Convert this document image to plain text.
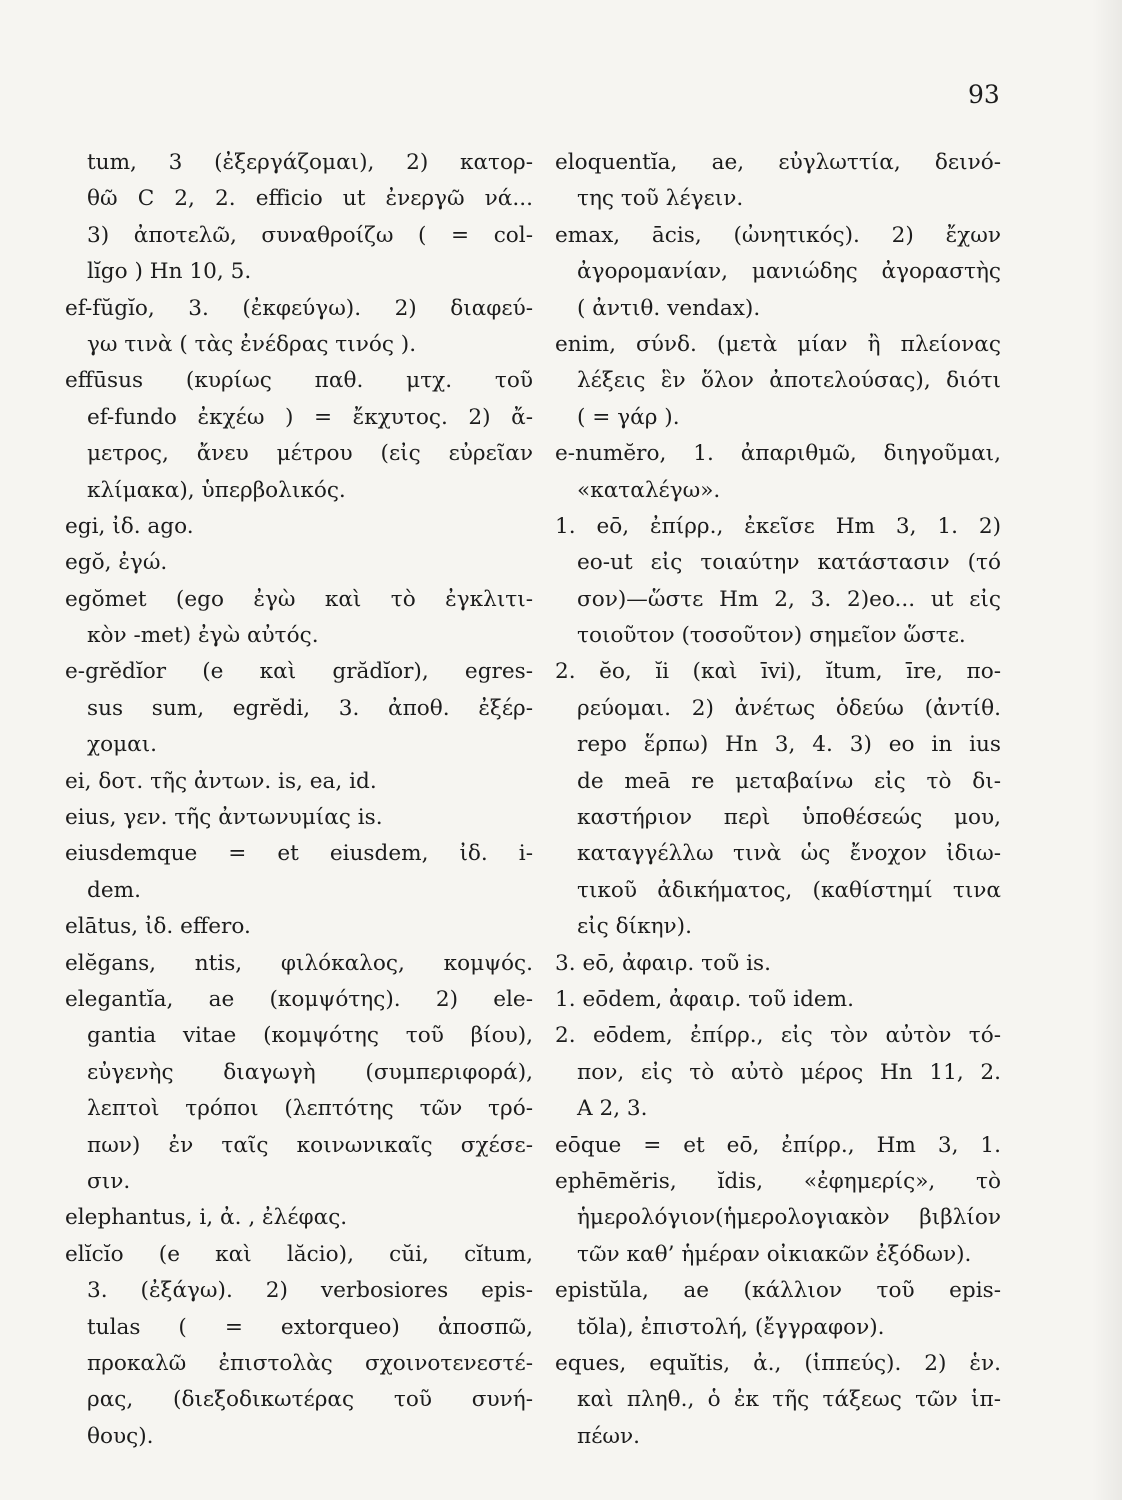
93
tum, 3 (ἐξεργάζομαι), 2) κατορ-
θῶ C 2, 2. efficio ut ἐνεργῶ νά...
3) ἀποτελῶ, συναθροίζω ( = col-
lĭgo ) Hn 10, 5.
ef-fŭgĭo, 3. (ἐκφεύγω). 2) διαφεύ-
γω τινὰ ( τὰς ἐνέδρας τινός ).
effūsus (κυρίως παθ. μτχ. τοῦ
ef-fundo ἐκχέω ) = ἔκχυτος. 2) ἄ-
μετρος, ἄνευ μέτρου (εἰς εὐρεῖαν
κλίμακα), ὑπερβολικός.
egi, ἰδ. ago.
egŏ, ἐγώ.
egŏmet (ego ἐγὼ καὶ τὸ ἐγκλιτι-
κὸν -met) ἐγὼ αὐτός.
e-grĕdĭor (e καὶ grădĭor), egres-
sus sum, egrĕdi, 3. ἀποθ. ἐξέρ-
χομαι.
ei, δοτ. τῆς ἀντων. is, ea, id.
eius, γεν. τῆς ἀντωνυμίας is.
eiusdemque = et eiusdem, ἰδ. i-
dem.
elātus, ἰδ. effero.
elĕgans, ntis, φιλόκαλος, κομψός.
elegantĭa, ae (κομψότης). 2) ele-
gantia vitae (κομψότης τοῦ βίου),
εὐγενὴς διαγωγὴ (συμπεριφορά),
λεπτοὶ τρόποι (λεπτότης τῶν τρό-
πων) ἐν ταῖς κοινωνικαῖς σχέσε-
σιν.
elephantus, i, ἀ. , ἐλέφας.
elĭcĭo (e καὶ lăcio), cŭi, cĭtum,
3. (ἐξάγω). 2) verbosiores epis-
tulas ( = extorqueo) ἀποσπῶ,
προκαλῶ ἐπιστολὰς σχοινοτενεστέ-
ρας, (διεξοδικωτέρας τοῦ συνή-
θους).
eloquentĭa, ae, εὐγλωττία, δεινό-
της τοῦ λέγειν.
emax, ācis, (ὠνητικός). 2) ἔχων
ἀγορομανίαν, μανιώδης ἀγοραστὴς
( ἀντιθ. vendax).
enim, σύνδ. (μετὰ μίαν ἢ πλείονας
λέξεις ἓν ὅλον ἀποτελούσας), διότι
( = γάρ ).
e-numĕro, 1. ἀπαριθμῶ, διηγοῦμαι,
«καταλέγω».
1. eō, ἐπίρρ., ἐκεῖσε Hm 3, 1. 2)
eo-ut εἰς τοιαύτην κατάστασιν (τό
σον)—ὥστε Hm 2, 3. 2)eo... ut εἰς
τοιοῦτον (τοσοῦτον) σημεῖον ὥστε.
2. ĕo, ĭi (καὶ īvi), ĭtum, īre, πο-
ρεύομαι. 2) ἀνέτως ὁδεύω (ἀντίθ.
repo ἕρπω) Hn 3, 4. 3) eo in ius
de meā re μεταβαίνω εἰς τὸ δι-
καστήριον περὶ ὑποθέσεώς μου,
καταγγέλλω τινὰ ὡς ἔνοχον ἰδιω-
τικοῦ ἀδικήματος, (καθίστημί τινα
εἰς δίκην).
3. eō, ἀφαιρ. τοῦ is.
1. eōdem, ἀφαιρ. τοῦ idem.
2. eōdem, ἐπίρρ., εἰς τὸν αὐτὸν τό-
πον, εἰς τὸ αὐτὸ μέρος Hn 11, 2.
A 2, 3.
eōque = et eō, ἐπίρρ., Hm 3, 1.
ephēmĕris, ĭdis, «ἐφημερίς», τὸ
ἡμερολόγιον(ἡμερολογιακὸν βιβλίον
τῶν καθ’ ἡμέραν οἰκιακῶν ἐξόδων).
epistŭla, ae (κάλλιον τοῦ epis-
tŏla), ἐπιστολή, (ἔγγραφον).
eques, equĭtis, ἀ., (ἱππεύς). 2) ἑν.
καὶ πληθ., ὁ ἐκ τῆς τάξεως τῶν ἱπ-
πέων.
